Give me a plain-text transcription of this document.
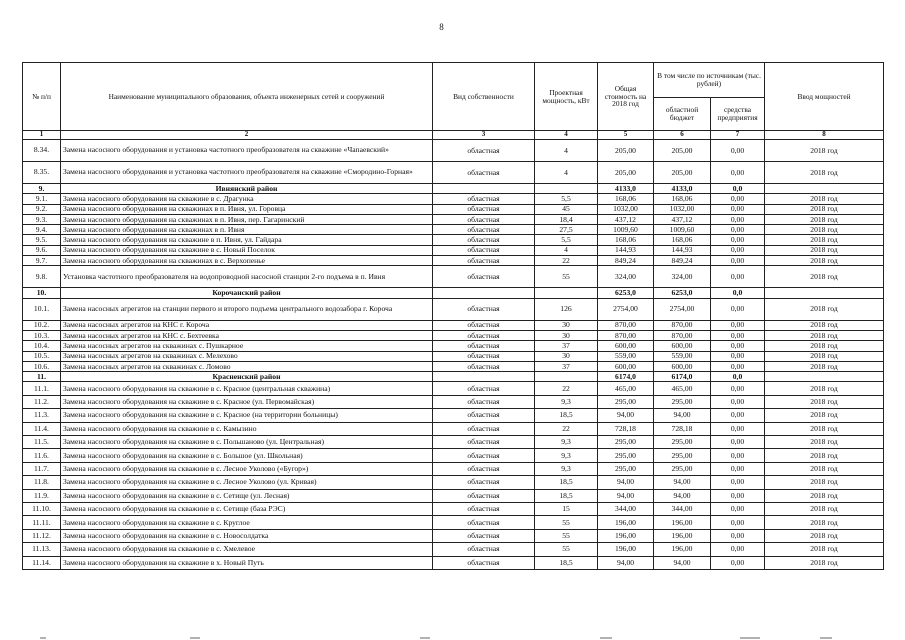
8
№ п/п	Наименование муниципального образования, объекта инженерных сетей и сооружений	Вид собственности	Проектная мощность, кВт	Общая стоимость на 2018 год	В том числе по источникам (тыс. рублей)		Ввод мощностей
					областной бюджет	средства предприятия	
1	2	3	4	5	6	7	8
8.34.	Замена насосного оборудования и установка частотного преобразователя на скважине «Чапаевский»	областная	4	205,00	205,00	0,00	2018 год
8.35.	Замена насосного оборудования и установка частотного преобразователя на скважине «Смородино-Горная»	областная	4	205,00	205,00	0,00	2018 год
9.	Ивнянский район			4133,0	4133,0	0,0	
9.1.	Замена насосного оборудования на скважине в с. Драгунка	областная	5,5	168,06	168,06	0,00	2018 год
9.2.	Замена насосного оборудования на скважинах в п. Ивня, ул. Горовца	областная	45	1032,00	1032,00	0,00	2018 год
9.3.	Замена насосного оборудования на скважинах в п. Ивня, пер. Гагаринский	областная	18,4	437,12	437,12	0,00	2018 год
9.4.	Замена насосного оборудования на скважинах в п. Ивня	областная	27,5	1009,60	1009,60	0,00	2018 год
9.5.	Замена насосного оборудования на скважине в п. Ивня, ул. Гайдара	областная	5,5	168,06	168,06	0,00	2018 год
9.6.	Замена насосного оборудования на скважине в с. Новый Поселок	областная	4	144,93	144,93	0,00	2018 год
9.7.	Замена насосного оборудования на скважинах в с. Верхопенье	областная	22	849,24	849,24	0,00	2018 год
9.8.	Установка частотного преобразователя на водопроводной насосной станции 2-го подъема в п. Ивня	областная	55	324,00	324,00	0,00	2018 год
10.	Корочанский район			6253,0	6253,0	0,0	
10.1.	Замена насосных агрегатов на станции первого и второго подъема центрального водозабора г. Короча	областная	126	2754,00	2754,00	0,00	2018 год
10.2.	Замена насосных агрегатов на КНС г. Короча	областная	30	870,00	870,00	0,00	2018 год
10.3.	Замена насосных агрегатов на КНС с. Бехтеевка	областная	30	870,00	870,00	0,00	2018 год
10.4.	Замена насосных агрегатов на скважинах с. Пушкарное	областная	37	600,00	600,00	0,00	2018 год
10.5.	Замена насосных агрегатов на скважинах с. Мелехово	областная	30	559,00	559,00	0,00	2018 год
10.6.	Замена насосных агрегатов на скважинах с. Ломово	областная	37	600,00	600,00	0,00	2018 год
11.	Красненский район			6174,0	6174,0	0,0	
11.1.	Замена насосного оборудования на скважине в с. Красное (центральная скважина)	областная	22	465,00	465,00	0,00	2018 год
11.2.	Замена насосного оборудования на скважине в с. Красное (ул. Первомайская)	областная	9,3	295,00	295,00	0,00	2018 год
11.3.	Замена насосного оборудования на скважине в с. Красное (на территории больницы)	областная	18,5	94,00	94,00	0,00	2018 год
11.4.	Замена насосного оборудования на скважине в с. Камызино	областная	22	728,18	728,18	0,00	2018 год
11.5.	Замена насосного оборудования на скважине в с. Польшаново (ул. Центральная)	областная	9,3	295,00	295,00	0,00	2018 год
11.6.	Замена насосного оборудования на скважине в с. Большое (ул. Школьная)	областная	9,3	295,00	295,00	0,00	2018 год
11.7.	Замена насосного оборудования на скважине в с. Лесное Уколово («Бугор»)	областная	9,3	295,00	295,00	0,00	2018 год
11.8.	Замена насосного оборудования на скважине в с. Лесное Уколово (ул. Кривая)	областная	18,5	94,00	94,00	0,00	2018 год
11.9.	Замена насосного оборудования на скважине в с. Сетище (ул. Лесная)	областная	18,5	94,00	94,00	0,00	2018 год
11.10.	Замена насосного оборудования на скважине в с. Сетище (база РЭС)	областная	15	344,00	344,00	0,00	2018 год
11.11.	Замена насосного оборудования на скважине в с. Круглое	областная	55	196,00	196,00	0,00	2018 год
11.12.	Замена насосного оборудования на скважине в с. Новосолдатка	областная	55	196,00	196,00	0,00	2018 год
11.13.	Замена насосного оборудования на скважине в с. Хмелевое	областная	55	196,00	196,00	0,00	2018 год
11.14.	Замена насосного оборудования на скважине в х. Новый Путь	областная	18,5	94,00	94,00	0,00	2018 год
